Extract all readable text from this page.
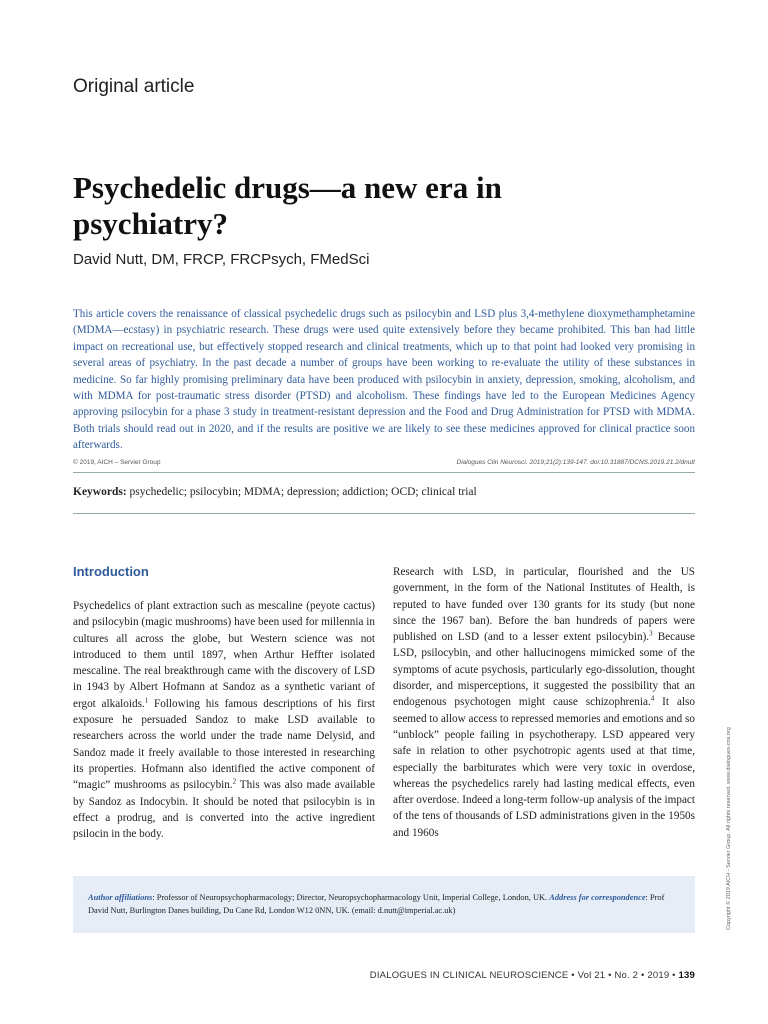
Original article
Psychedelic drugs—a new era in psychiatry?
David Nutt, DM, FRCP, FRCPsych, FMedSci

This article covers the renaissance of classical psychedelic drugs such as psilocybin and LSD plus 3,4-methylene dioxymethamphetamine (MDMA—ecstasy) in psychiatric research. These drugs were used quite extensively before they became prohibited. This ban had little impact on recreational use, but effectively stopped research and clinical treatments, which up to that point had looked very promising in several areas of psychiatry. In the past decade a number of groups have been working to re-evaluate the utility of these substances in medicine. So far highly promising preliminary data have been produced with psilocybin in anxiety, depression, smoking, alcoholism, and with MDMA for post-traumatic stress disorder (PTSD) and alcoholism. These findings have led to the European Medicines Agency approving psilocybin for a phase 3 study in treatment-resistant depression and the Food and Drug Administration for PTSD with MDMA. Both trials should read out in 2020, and if the results are positive we are likely to see these medicines approved for clinical practice soon afterwards.

© 2019, AICH – Servier Group	Dialogues Clin Neurosci. 2019;21(2):139-147. doi:10.31887/DCNS.2019.21.2/dnutt
Keywords: psychedelic; psilocybin; MDMA; depression; addiction; OCD; clinical trial
Introduction

Psychedelics of plant extraction such as mescaline (peyote cactus) and psilocybin (magic mushrooms) have been used for millennia in cultures all across the globe, but Western science was not introduced to them until 1897, when Arthur Heffter isolated mescaline. The real breakthrough came with the discovery of LSD in 1943 by Albert Hofmann at Sandoz as a synthetic variant of ergot alkaloids.$^1$ Following his famous descriptions of his first exposure he persuaded Sandoz to make LSD available to researchers across the world under the trade name Delysid, and Sandoz made it freely available to those interested in researching its properties. Hofmann also identified the active component of “magic” mushrooms as psilocybin.$^2$ This was also made available by Sandoz as Indocybin. It should be noted that psilocybin is in effect a prodrug, and is converted into the active ingredient psilocin in the body.

Research with LSD, in particular, flourished and the US government, in the form of the National Institutes of Health, is reputed to have funded over 130 grants for its study (but none since the 1967 ban). Before the ban hundreds of papers were published on LSD (and to a lesser extent psilocybin).$^3$ Because LSD, psilocybin, and other hallucinogens mimicked some of the symptoms of acute psychosis, particularly ego-dissolution, thought disorder, and misperceptions, it suggested the possibility that an endogenous psychotogen might cause schizophrenia.$^4$ It also seemed to allow access to repressed memories and emotions and so “unblock” people failing in psychotherapy. LSD appeared very safe in relation to other psychotropic agents used at that time, especially the barbiturates which were very toxic in overdose, whereas the psychedelics rarely had lasting medical effects, even after overdose. Indeed a long-term follow-up analysis of the impact of the tens of thousands of LSD administrations given in the 1950s and 1960s

Author affiliations: Professor of Neuropsychopharmacology; Director, Neuropsychopharmacology Unit, Imperial College, London, UK. Address for correspondence: Prof David Nutt, Burlington Danes building, Du Cane Rd, London W12 0NN, UK. (email: d.nutt@imperial.ac.uk)	Copyright © 2019 AICH - Servier Group. All rights reserved. www.dialogues-cns.org
DIALOGUES IN CLINICAL NEUROSCIENCE • Vol 21 • No. 2 • 2019 • 139
